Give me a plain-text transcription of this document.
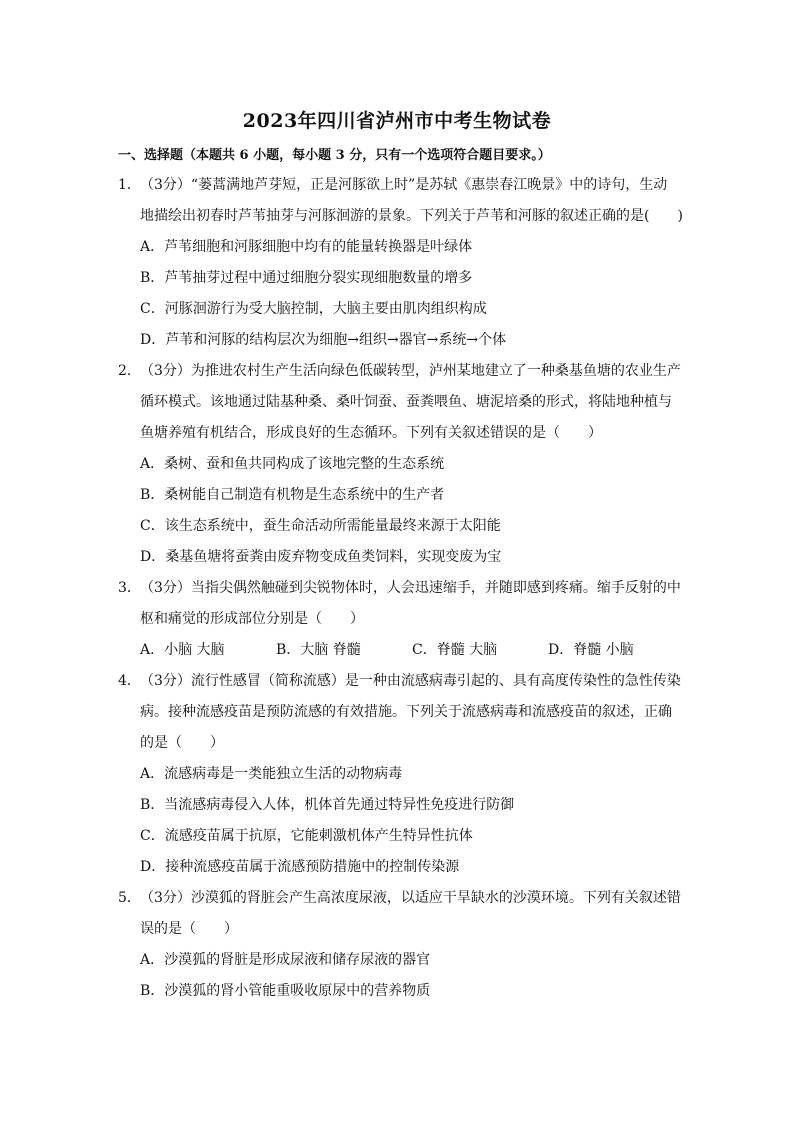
2023年四川省泸州市中考生物试卷
一、选择题（本题共 6 小题，每小题 3 分，只有一个选项符合题目要求。）
1． （3分）“蒌蒿满地芦芽短，正是河豚欲上时”是苏轼《惠崇春江晚景》中的诗句，生动
地描绘出初春时芦苇抽芽与河豚洄游的景象。下列关于芦苇和河豚的叙述正确的是(　　)
A．芦苇细胞和河豚细胞中均有的能量转换器是叶绿体
B．芦苇抽芽过程中通过细胞分裂实现细胞数量的增多
C．河豚洄游行为受大脑控制，大脑主要由肌肉组织构成
D．芦苇和河豚的结构层次为细胞→组织→器官→系统→个体
2． （3分）为推进农村生产生活向绿色低碳转型，泸州某地建立了一种桑基鱼塘的农业生产
循环模式。该地通过陆基种桑、桑叶饲蚕、蚕粪喂鱼、塘泥培桑的形式，将陆地种植与
鱼塘养殖有机结合，形成良好的生态循环。下列有关叙述错误的是（　　）
A．桑树、蚕和鱼共同构成了该地完整的生态系统
B．桑树能自己制造有机物是生态系统中的生产者
C．该生态系统中，蚕生命活动所需能量最终来源于太阳能
D．桑基鱼塘将蚕粪由废弃物变成鱼类饲料，实现变废为宝
3． （3分）当指尖偶然触碰到尖锐物体时，人会迅速缩手，并随即感到疼痛。缩手反射的中
枢和痛觉的形成部位分别是（　　）
A．小脑 大脑	B．大脑 脊髓	C．脊髓 大脑	D．脊髓 小脑
4． （3分）流行性感冒（简称流感）是一种由流感病毒引起的、具有高度传染性的急性传染
病。接种流感疫苗是预防流感的有效措施。下列关于流感病毒和流感疫苗的叙述，正确
的是（　　）
A．流感病毒是一类能独立生活的动物病毒
B．当流感病毒侵入人体，机体首先通过特异性免疫进行防御
C．流感疫苗属于抗原，它能刺激机体产生特异性抗体
D．接种流感疫苗属于流感预防措施中的控制传染源
5． （3分）沙漠狐的肾脏会产生高浓度尿液，以适应干旱缺水的沙漠环境。下列有关叙述错
误的是（　　）
A．沙漠狐的肾脏是形成尿液和储存尿液的器官
B．沙漠狐的肾小管能重吸收原尿中的营养物质
